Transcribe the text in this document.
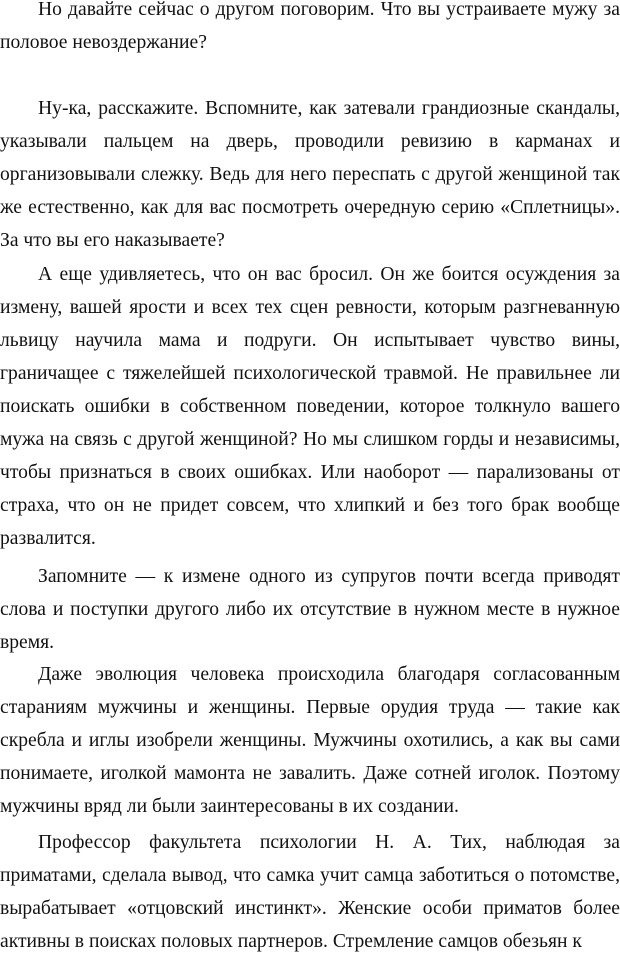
Но давайте сейчас о другом поговорим. Что вы устраиваете мужу за половое невоздержание?

Ну-ка, расскажите. Вспомните, как затевали грандиозные скандалы, указывали пальцем на дверь, проводили ревизию в карманах и организовывали слежку. Ведь для него переспать с другой женщиной так же естественно, как для вас посмотреть очередную серию «Сплетницы». За что вы его наказываете?

А еще удивляетесь, что он вас бросил. Он же боится осуждения за измену, вашей ярости и всех тех сцен ревности, которым разгневанную львицу научила мама и подруги. Он испытывает чувство вины, граничащее с тяжелейшей психологической травмой. Не правильнее ли поискать ошибки в собственном поведении, которое толкнуло вашего мужа на связь с другой женщиной? Но мы слишком горды и независимы, чтобы признаться в своих ошибках. Или наоборот — парализованы от страха, что он не придет совсем, что хлипкий и без того брак вообще развалится.

Запомните — к измене одного из супругов почти всегда приводят слова и поступки другого либо их отсутствие в нужном месте в нужное время.

Даже эволюция человека происходила благодаря согласованным стараниям мужчины и женщины. Первые орудия труда — такие как скребла и иглы изобрели женщины. Мужчины охотились, а как вы сами понимаете, иголкой мамонта не завалить. Даже сотней иголок. Поэтому мужчины вряд ли были заинтересованы в их создании.

Профессор факультета психологии Н. А. Тих, наблюдая за приматами, сделала вывод, что самка учит самца заботиться о потомстве, вырабатывает «отцовский инстинкт». Женские особи приматов более активны в поисках половых партнеров. Стремление самцов обезьян к
